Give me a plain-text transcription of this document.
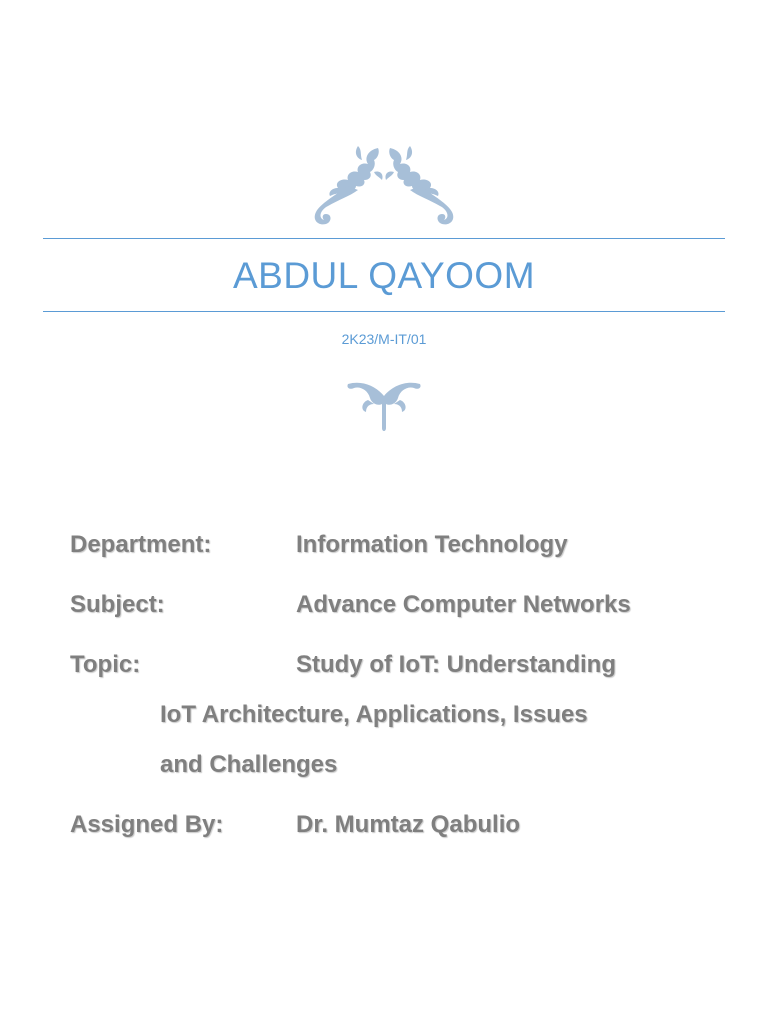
ABDUL QAYOOM
2K23/M-IT/01
Department:	Information Technology
Subject:	Advance Computer Networks
Topic:	Study of IoT: Understanding
IoT Architecture, Applications, Issues
and Challenges
Assigned By:	Dr. Mumtaz Qabulio
